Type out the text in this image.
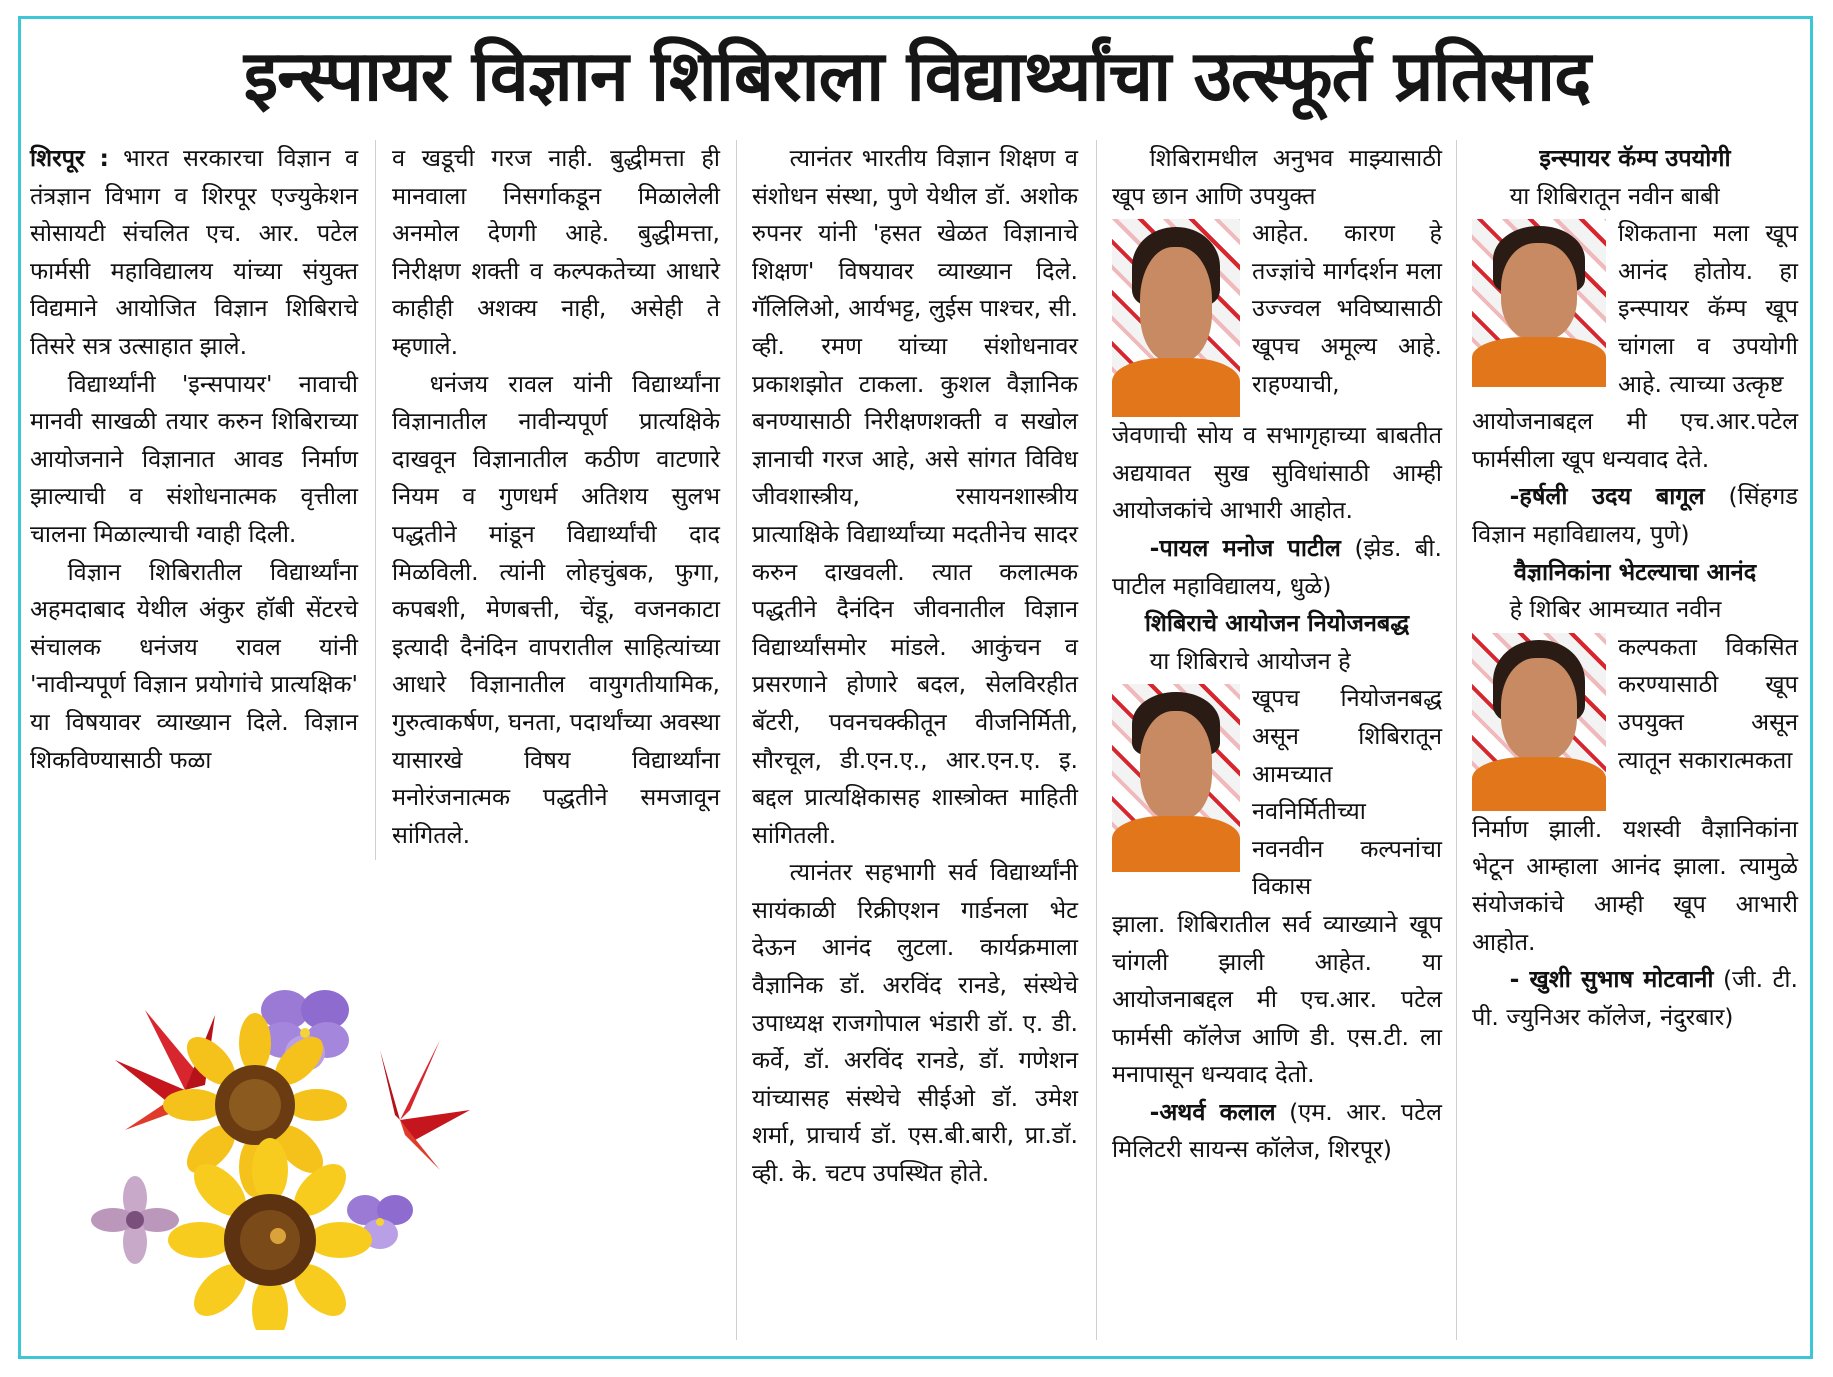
इन्स्पायर विज्ञान शिबिराला विद्यार्थ्यांचा उत्स्फूर्त प्रतिसाद

शिरपूर : भारत सरकारचा विज्ञान व तंत्रज्ञान विभाग व शिरपूर एज्युकेशन सोसायटी संचलित एच. आर. पटेल फार्मसी महाविद्यालय यांच्या संयुक्त विद्यमाने आयोजित विज्ञान शिबिराचे तिसरे सत्र उत्साहात झाले.

विद्यार्थ्यांनी 'इन्सपायर' नावाची मानवी साखळी तयार करुन शिबिराच्या आयोजनाने विज्ञानात आवड निर्माण झाल्याची व संशोधनात्मक वृत्तीला चालना मिळाल्याची ग्वाही दिली.

विज्ञान शिबिरातील विद्यार्थ्यांना अहमदाबाद येथील अंकुर हॉबी सेंटरचे संचालक धनंजय रावल यांनी 'नावीन्यपूर्ण विज्ञान प्रयोगांचे प्रात्यक्षिक' या विषयावर व्याख्यान दिले. विज्ञान शिकविण्यासाठी फळा

व खडूची गरज नाही. बुद्धीमत्ता ही मानवाला निसर्गाकडून मिळालेली अनमोल देणगी आहे. बुद्धीमत्ता, निरीक्षण शक्ती व कल्पकतेच्या आधारे काहीही अशक्य नाही, असेही ते म्हणाले.

धनंजय रावल यांनी विद्यार्थ्यांना विज्ञानातील नावीन्यपूर्ण प्रात्यक्षिके दाखवून विज्ञानातील कठीण वाटणारे नियम व गुणधर्म अतिशय सुलभ पद्धतीने मांडून विद्यार्थ्यांची दाद मिळविली. त्यांनी लोहचुंबक, फुगा, कपबशी, मेणबत्ती, चेंडू, वजनकाटा इत्यादी दैनंदिन वापरातील साहित्यांच्या आधारे विज्ञानातील वायुगतीयामिक, गुरुत्वाकर्षण, घनता, पदार्थांच्या अवस्था यासारखे विषय विद्यार्थ्यांना मनोरंजनात्मक पद्धतीने समजावून सांगितले.

त्यानंतर भारतीय विज्ञान शिक्षण व संशोधन संस्था, पुणे येथील डॉ. अशोक रुपनर यांनी 'हसत खेळत विज्ञानाचे शिक्षण' विषयावर व्याख्यान दिले. गॅलिलिओ, आर्यभट्ट, लुईस पाश्चर, सी. व्ही. रमण यांच्या संशोधनावर प्रकाशझोत टाकला. कुशल वैज्ञानिक बनण्यासाठी निरीक्षणशक्ती व सखोल ज्ञानाची गरज आहे, असे सांगत विविध जीवशास्त्रीय, रसायनशास्त्रीय प्रात्याक्षिके विद्यार्थ्यांच्या मदतीनेच सादर करुन दाखवली. त्यात कलात्मक पद्धतीने दैनंदिन जीवनातील विज्ञान विद्यार्थ्यांसमोर मांडले. आकुंचन व प्रसरणाने होणारे बदल, सेलविरहीत बॅटरी, पवनचक्कीतून वीजनिर्मिती, सौरचूल, डी.एन.ए., आर.एन.ए. इ. बद्दल प्रात्यक्षिकासह शास्त्रोक्त माहिती सांगितली.

त्यानंतर सहभागी सर्व विद्यार्थ्यांनी सायंकाळी रिक्रीएशन गार्डनला भेट देऊन आनंद लुटला. कार्यक्रमाला वैज्ञानिक डॉ. अरविंद रानडे, संस्थेचे उपाध्यक्ष राजगोपाल भंडारी डॉ. ए. डी. कर्वे, डॉ. अरविंद रानडे, डॉ. गणेशन यांच्यासह संस्थेचे सीईओ डॉ. उमेश शर्मा, प्राचार्य डॉ. एस.बी.बारी, प्रा.डॉ. व्ही. के. चटप उपस्थित होते.

शिबिरामधील अनुभव माझ्यासाठी खूप छान आणि उपयुक्त

आहेत. कारण हे तज्ज्ञांचे मार्गदर्शन मला उज्ज्वल भविष्यासाठी खूपच अमूल्य आहे. राहण्याची,

जेवणाची सोय व सभागृहाच्या बाबतीत अद्ययावत सुख सुविधांसाठी आम्ही आयोजकांचे आभारी आहोत.

-पायल मनोज पाटील (झेड. बी. पाटील महाविद्यालय, धुळे)

शिबिराचे आयोजन नियोजनबद्ध

या शिबिराचे आयोजन हे

खूपच नियोजनबद्ध असून शिबिरातून आमच्यात नवनिर्मितीच्या नवनवीन कल्पनांचा विकास

झाला. शिबिरातील सर्व व्याख्याने खूप चांगली झाली आहेत. या आयोजनाबद्दल मी एच.आर. पटेल फार्मसी कॉलेज आणि डी. एस.टी. ला मनापासून धन्यवाद देतो.

-अथर्व कलाल (एम. आर. पटेल मिलिटरी सायन्स कॉलेज, शिरपूर)

इन्स्पायर कॅम्प उपयोगी

या शिबिरातून नवीन बाबी

शिकताना मला खूप आनंद होतोय. हा इन्स्पायर कॅम्प खूप चांगला व उपयोगी आहे. त्याच्या उत्कृष्ट

आयोजनाबद्दल मी एच.आर.पटेल फार्मसीला खूप धन्यवाद देते.

-हर्षली उदय बागूल (सिंहगड विज्ञान महाविद्यालय, पुणे)

वैज्ञानिकांना भेटल्याचा आनंद

हे शिबिर आमच्यात नवीन

कल्पकता विकसित करण्यासाठी खूप उपयुक्त असून त्यातून सकारात्मकता

निर्माण झाली. यशस्वी वैज्ञानिकांना भेटून आम्हाला आनंद झाला. त्यामुळे संयोजकांचे आम्ही खूप आभारी आहोत.

- खुशी सुभाष मोटवानी (जी. टी. पी. ज्युनिअर कॉलेज, नंदुरबार)
